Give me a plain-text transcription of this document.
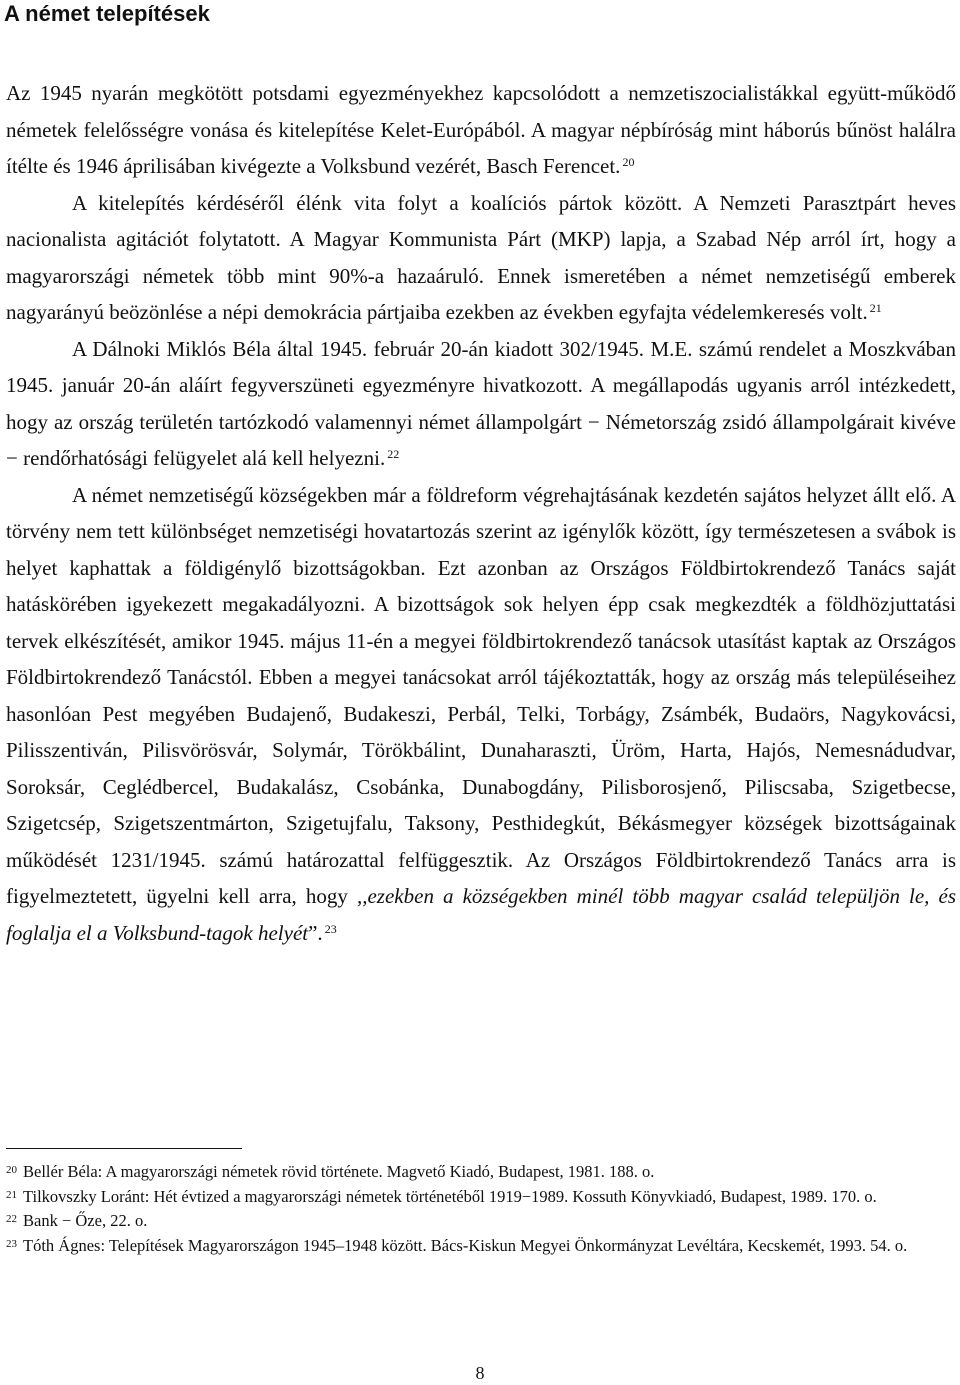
A német telepítések

Az 1945 nyarán megkötött potsdami egyezményekhez kapcsolódott a nemzetiszocialistákkal együtt-működő németek felelősségre vonása és kitelepítése Kelet-Európából. A magyar népbíróság mint háborús bűnöst halálra ítélte és 1946 áprilisában kivégezte a Volksbund vezérét, Basch Ferencet. $^{20}$
A kitelepítés kérdéséről élénk vita folyt a koalíciós pártok között. A Nemzeti Parasztpárt heves nacionalista agitációt folytatott. A Magyar Kommunista Párt (MKP) lapja, a Szabad Nép arról írt, hogy a magyarországi németek több mint 90%-a hazaáruló. Ennek ismeretében a német nemzetiségű emberek nagyarányú beözönlése a népi demokrácia pártjaiba ezekben az években egyfajta védelemkeresés volt. $^{21}$
A Dálnoki Miklós Béla által 1945. február 20-án kiadott 302/1945. M.E. számú rendelet a Moszkvában 1945. január 20-án aláírt fegyverszüneti egyezményre hivatkozott. A megállapodás ugyanis arról intézkedett, hogy az ország területén tartózkodó valamennyi német állampolgárt − Németország zsidó állampolgárait kivéve − rendőrhatósági felügyelet alá kell helyezni. $^{22}$
A német nemzetiségű községekben már a földreform végrehajtásának kezdetén sajátos helyzet állt elő. A törvény nem tett különbséget nemzetiségi hovatartozás szerint az igénylők között, így természetesen a svábok is helyet kaphattak a földigénylő bizottságokban. Ezt azonban az Országos Földbirtokrendező Tanács saját hatáskörében igyekezett megakadályozni. A bizottságok sok helyen épp csak megkezdték a földhözjuttatási tervek elkészítését, amikor 1945. május 11-én a megyei földbirtokrendező tanácsok utasítást kaptak az Országos Földbirtokrendező Tanácstól. Ebben a megyei tanácsokat arról tájékoztatták, hogy az ország más településeihez hasonlóan Pest megyében Budajenő, Budakeszi, Perbál, Telki, Torbágy, Zsámbék, Budaörs, Nagykovácsi, Pilisszentiván, Pilisvörösvár, Solymár, Törökbálint, Dunaharaszti, Üröm, Harta, Hajós, Nemesnádudvar, Soroksár, Ceglédbercel, Budakalász, Csobánka, Dunabogdány, Pilisborosjenő, Piliscsaba, Szigetbecse, Szigetcsép, Szigetszentmárton, Szigetujfalu, Taksony, Pesthidegkút, Békásmegyer községek bizottságainak működését 1231/1945. számú határozattal felfüggesztik. Az Országos Földbirtokrendező Tanács arra is figyelmeztetett, ügyelni kell arra, hogy ,,ezekben a községekben minél több magyar család települjön le, és foglalja el a Volksbund-tagok helyét”. $^{23}$

$^{20}$ Bellér Béla: A magyarországi németek rövid története. Magvető Kiadó, Budapest, 1981. 188. o.
$^{21}$ Tilkovszky Loránt: Hét évtized a magyarországi németek történetéből 1919−1989. Kossuth Könyvkiadó, Budapest, 1989. 170. o.
$^{22}$ Bank − Őze, 22. o.
$^{23}$ Tóth Ágnes: Telepítések Magyarországon 1945–1948 között. Bács-Kiskun Megyei Önkormányzat Levéltára, Kecskemét, 1993. 54. o.
8
